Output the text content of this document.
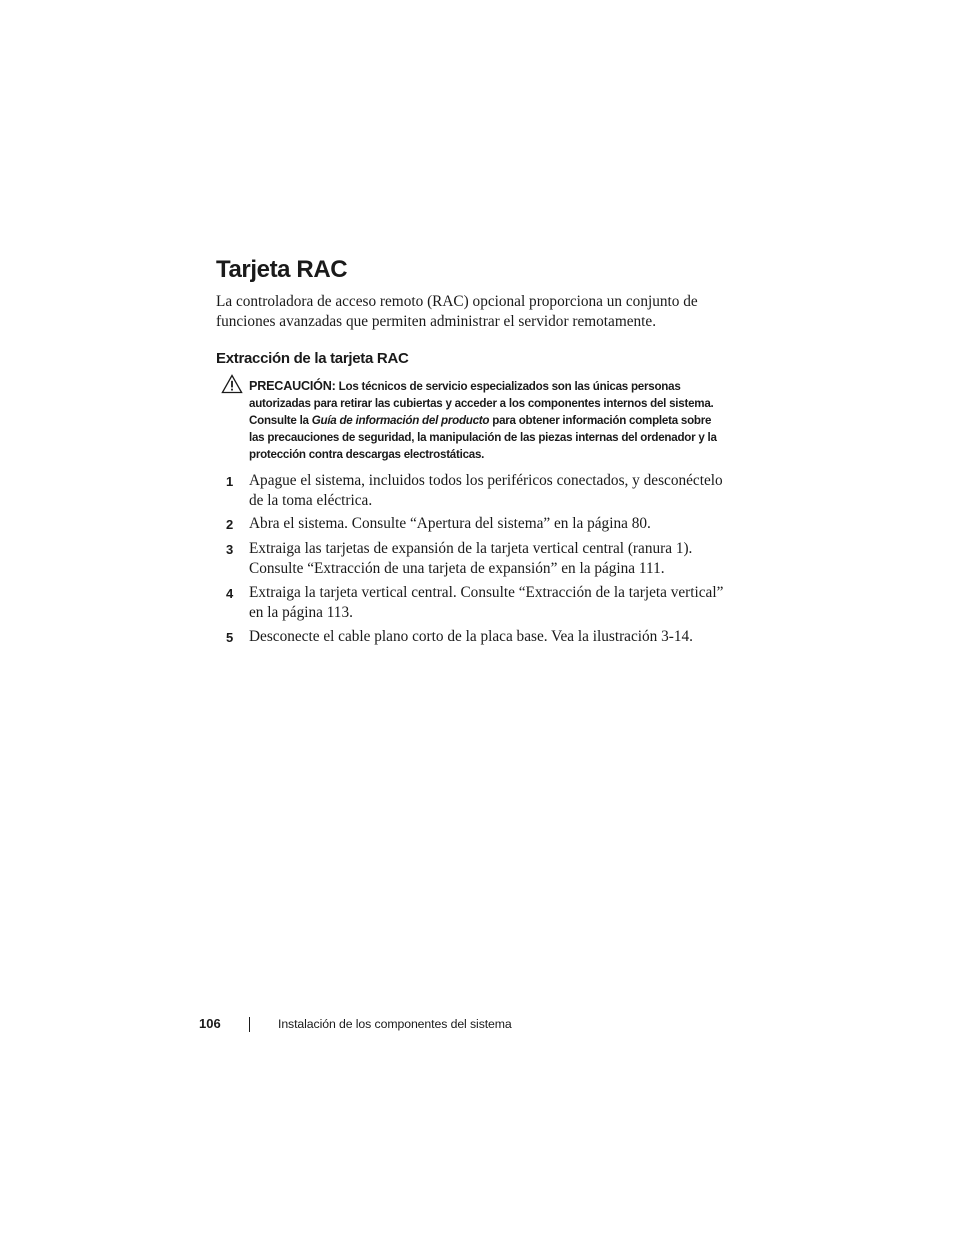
Tarjeta RAC

La controladora de acceso remoto (RAC) opcional proporciona un conjunto de funciones avanzadas que permiten administrar el servidor remotamente.

Extracción de la tarjeta RAC

PRECAUCIÓN: Los técnicos de servicio especializados son las únicas personas autorizadas para retirar las cubiertas y acceder a los componentes internos del sistema. Consulte la Guía de información del producto para obtener información completa sobre las precauciones de seguridad, la manipulación de las piezas internas del ordenador y la protección contra descargas electrostáticas.

1 Apague el sistema, incluidos todos los periféricos conectados, y desconéctelo de la toma eléctrica.
2 Abra el sistema. Consulte “Apertura del sistema” en la página 80.
3 Extraiga las tarjetas de expansión de la tarjeta vertical central (ranura 1). Consulte “Extracción de una tarjeta de expansión” en la página 111.
4 Extraiga la tarjeta vertical central. Consulte “Extracción de la tarjeta vertical” en la página 113.
5 Desconecte el cable plano corto de la placa base. Vea la ilustración 3-14.
106	Instalación de los componentes del sistema
